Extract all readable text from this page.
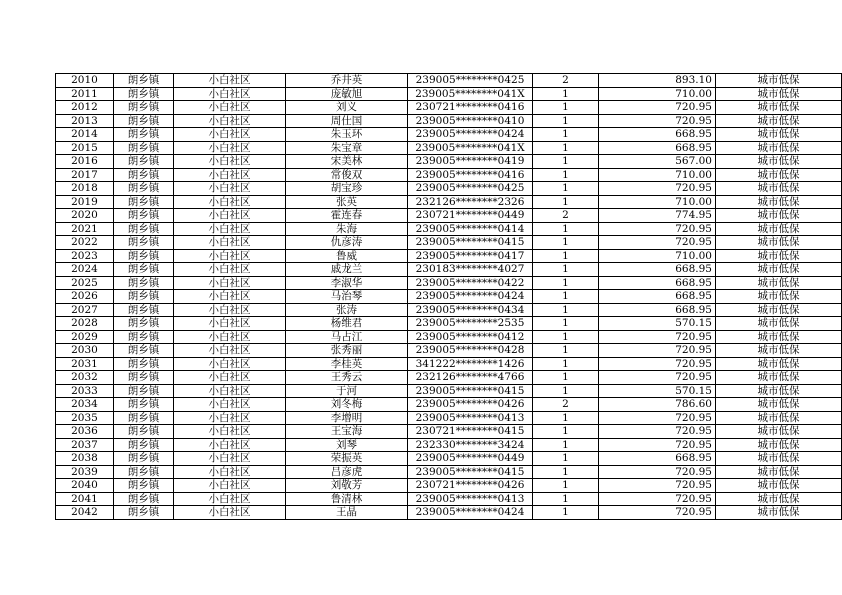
2010	朗乡镇	小白社区	乔井英	239005********0425	2	893.10	城市低保
2011	朗乡镇	小白社区	庞敏旭	239005********041X	1	710.00	城市低保
2012	朗乡镇	小白社区	刘义	230721********0416	1	720.95	城市低保
2013	朗乡镇	小白社区	周仕国	239005********0410	1	720.95	城市低保
2014	朗乡镇	小白社区	朱玉环	239005********0424	1	668.95	城市低保
2015	朗乡镇	小白社区	朱宝章	239005********041X	1	668.95	城市低保
2016	朗乡镇	小白社区	宋美林	239005********0419	1	567.00	城市低保
2017	朗乡镇	小白社区	常俊双	239005********0416	1	710.00	城市低保
2018	朗乡镇	小白社区	胡宝珍	239005********0425	1	720.95	城市低保
2019	朗乡镇	小白社区	张英	232126********2326	1	710.00	城市低保
2020	朗乡镇	小白社区	霍连春	230721********0449	2	774.95	城市低保
2021	朗乡镇	小白社区	朱海	239005********0414	1	720.95	城市低保
2022	朗乡镇	小白社区	仇彦涛	239005********0415	1	720.95	城市低保
2023	朗乡镇	小白社区	鲁威	239005********0417	1	710.00	城市低保
2024	朗乡镇	小白社区	戚龙兰	230183********4027	1	668.95	城市低保
2025	朗乡镇	小白社区	李淑华	239005********0422	1	668.95	城市低保
2026	朗乡镇	小白社区	马治琴	239005********0424	1	668.95	城市低保
2027	朗乡镇	小白社区	张涛	239005********0434	1	668.95	城市低保
2028	朗乡镇	小白社区	杨维君	239005********2535	1	570.15	城市低保
2029	朗乡镇	小白社区	马占江	239005********0412	1	720.95	城市低保
2030	朗乡镇	小白社区	张秀丽	239005********0428	1	720.95	城市低保
2031	朗乡镇	小白社区	李桂英	341222********1426	1	720.95	城市低保
2032	朗乡镇	小白社区	王秀云	232126********4766	1	720.95	城市低保
2033	朗乡镇	小白社区	于河	239005********0415	1	570.15	城市低保
2034	朗乡镇	小白社区	刘冬梅	239005********0426	2	786.60	城市低保
2035	朗乡镇	小白社区	李增明	239005********0413	1	720.95	城市低保
2036	朗乡镇	小白社区	王宝海	230721********0415	1	720.95	城市低保
2037	朗乡镇	小白社区	刘琴	232330********3424	1	720.95	城市低保
2038	朗乡镇	小白社区	荣振英	239005********0449	1	668.95	城市低保
2039	朗乡镇	小白社区	吕彦虎	239005********0415	1	720.95	城市低保
2040	朗乡镇	小白社区	刘敬芳	230721********0426	1	720.95	城市低保
2041	朗乡镇	小白社区	鲁清林	239005********0413	1	720.95	城市低保
2042	朗乡镇	小白社区	王晶	239005********0424	1	720.95	城市低保
